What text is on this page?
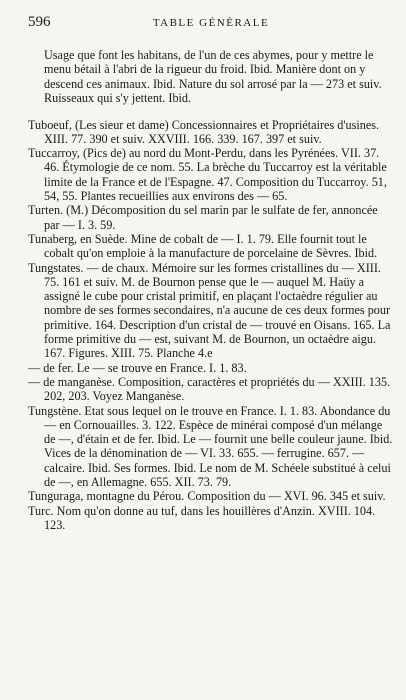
596	TABLE GÉNÉRALE

Usage que font les habitans, de l'un de ces abymes, pour y mettre le menu bétail à l'abri de la rigueur du froid. Ibid. Manière dont on y descend ces animaux. Ibid. Nature du sol arrosé par la — 273 et suiv. Ruisseaux qui s'y jettent. Ibid.

Tuboeuf, (Les sieur et dame) Concessionnaires et Propriétaires d'usines. XIII. 77. 390 et suiv. XXVIII. 166. 339. 167. 397 et suiv.

Tuccarroy, (Pics de) au nord du Mont-Perdu, dans les Pyrénées. VII. 37. 46. Étymologie de ce nom. 55. La brèche du Tuccarroy est la véritable limite de la France et de l'Espagne. 47. Composition du Tuccarroy. 51, 54, 55. Plantes recueillies aux environs des — 65.

Turten. (M.) Décomposition du sel marin par le sulfate de fer, annoncée par — I. 3. 59.

Tunaberg, en Suède. Mine de cobalt de — I. 1. 79. Elle fournit tout le cobalt qu'on emploie à la manufacture de porcelaine de Sèvres. Ibid.

Tungstates. — de chaux. Mémoire sur les formes cristallines du — XIII. 75. 161 et suiv. M. de Bournon pense que le — auquel M. Haüy a assigné le cube pour cristal primitif, en plaçant l'octaèdre régulier au nombre de ses formes secondaires, n'a aucune de ces deux formes pour primitive. 164. Description d'un cristal de — trouvé en Oisans. 165. La forme primitive du — est, suivant M. de Bournon, un octaèdre aigu. 167. Figures. XIII. 75. Planche 4.e

— de fer. Le — se trouve en France. I. 1. 83.

— de manganèse. Composition, caractères et propriétés du — XXIII. 135. 202, 203. Voyez Manganèse.

Tungstène. Etat sous lequel on le trouve en France. I. 1. 83. Abondance du — en Cornouailles. 3. 122. Espèce de minérai composé d'un mélange de —, d'étain et de fer. Ibid. Le — fournit une belle couleur jaune. Ibid. Vices de la dénomination de — VI. 33. 655. — ferrugine. 657. — calcaire. Ibid. Ses formes. Ibid. Le nom de M. Schéele substitué à celui de —, en Allemagne. 655. XII. 73. 79.

Tunguraga, montagne du Pérou. Composition du — XVI. 96. 345 et suiv.

Turc. Nom qu'on donne au tuf, dans les houillères d'Anzin. XVIII. 104. 123.
